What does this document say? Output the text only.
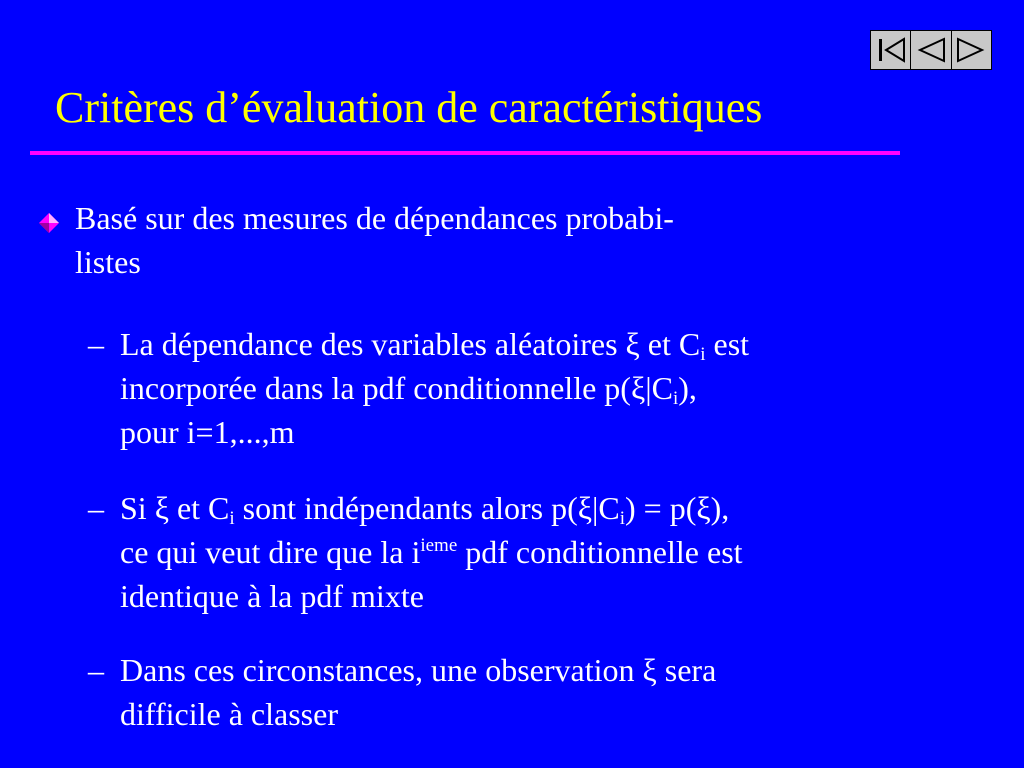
Critères d’évaluation de caractéristiques
Basé sur des mesures de dépendances probabi-
listes
– La dépendance des variables aléatoires ξ et $C_i$ est
incorporée dans la pdf conditionnelle $p(\xi|C_i)$,
pour i=1,...,m
– Si ξ et $C_i$ sont indépendants alors $p(\xi|C_i) = p(\xi)$,
ce qui veut dire que la $i^{ieme}$ pdf conditionnelle est
identique à la pdf mixte
– Dans ces circonstances, une observation ξ sera
difficile à classer
